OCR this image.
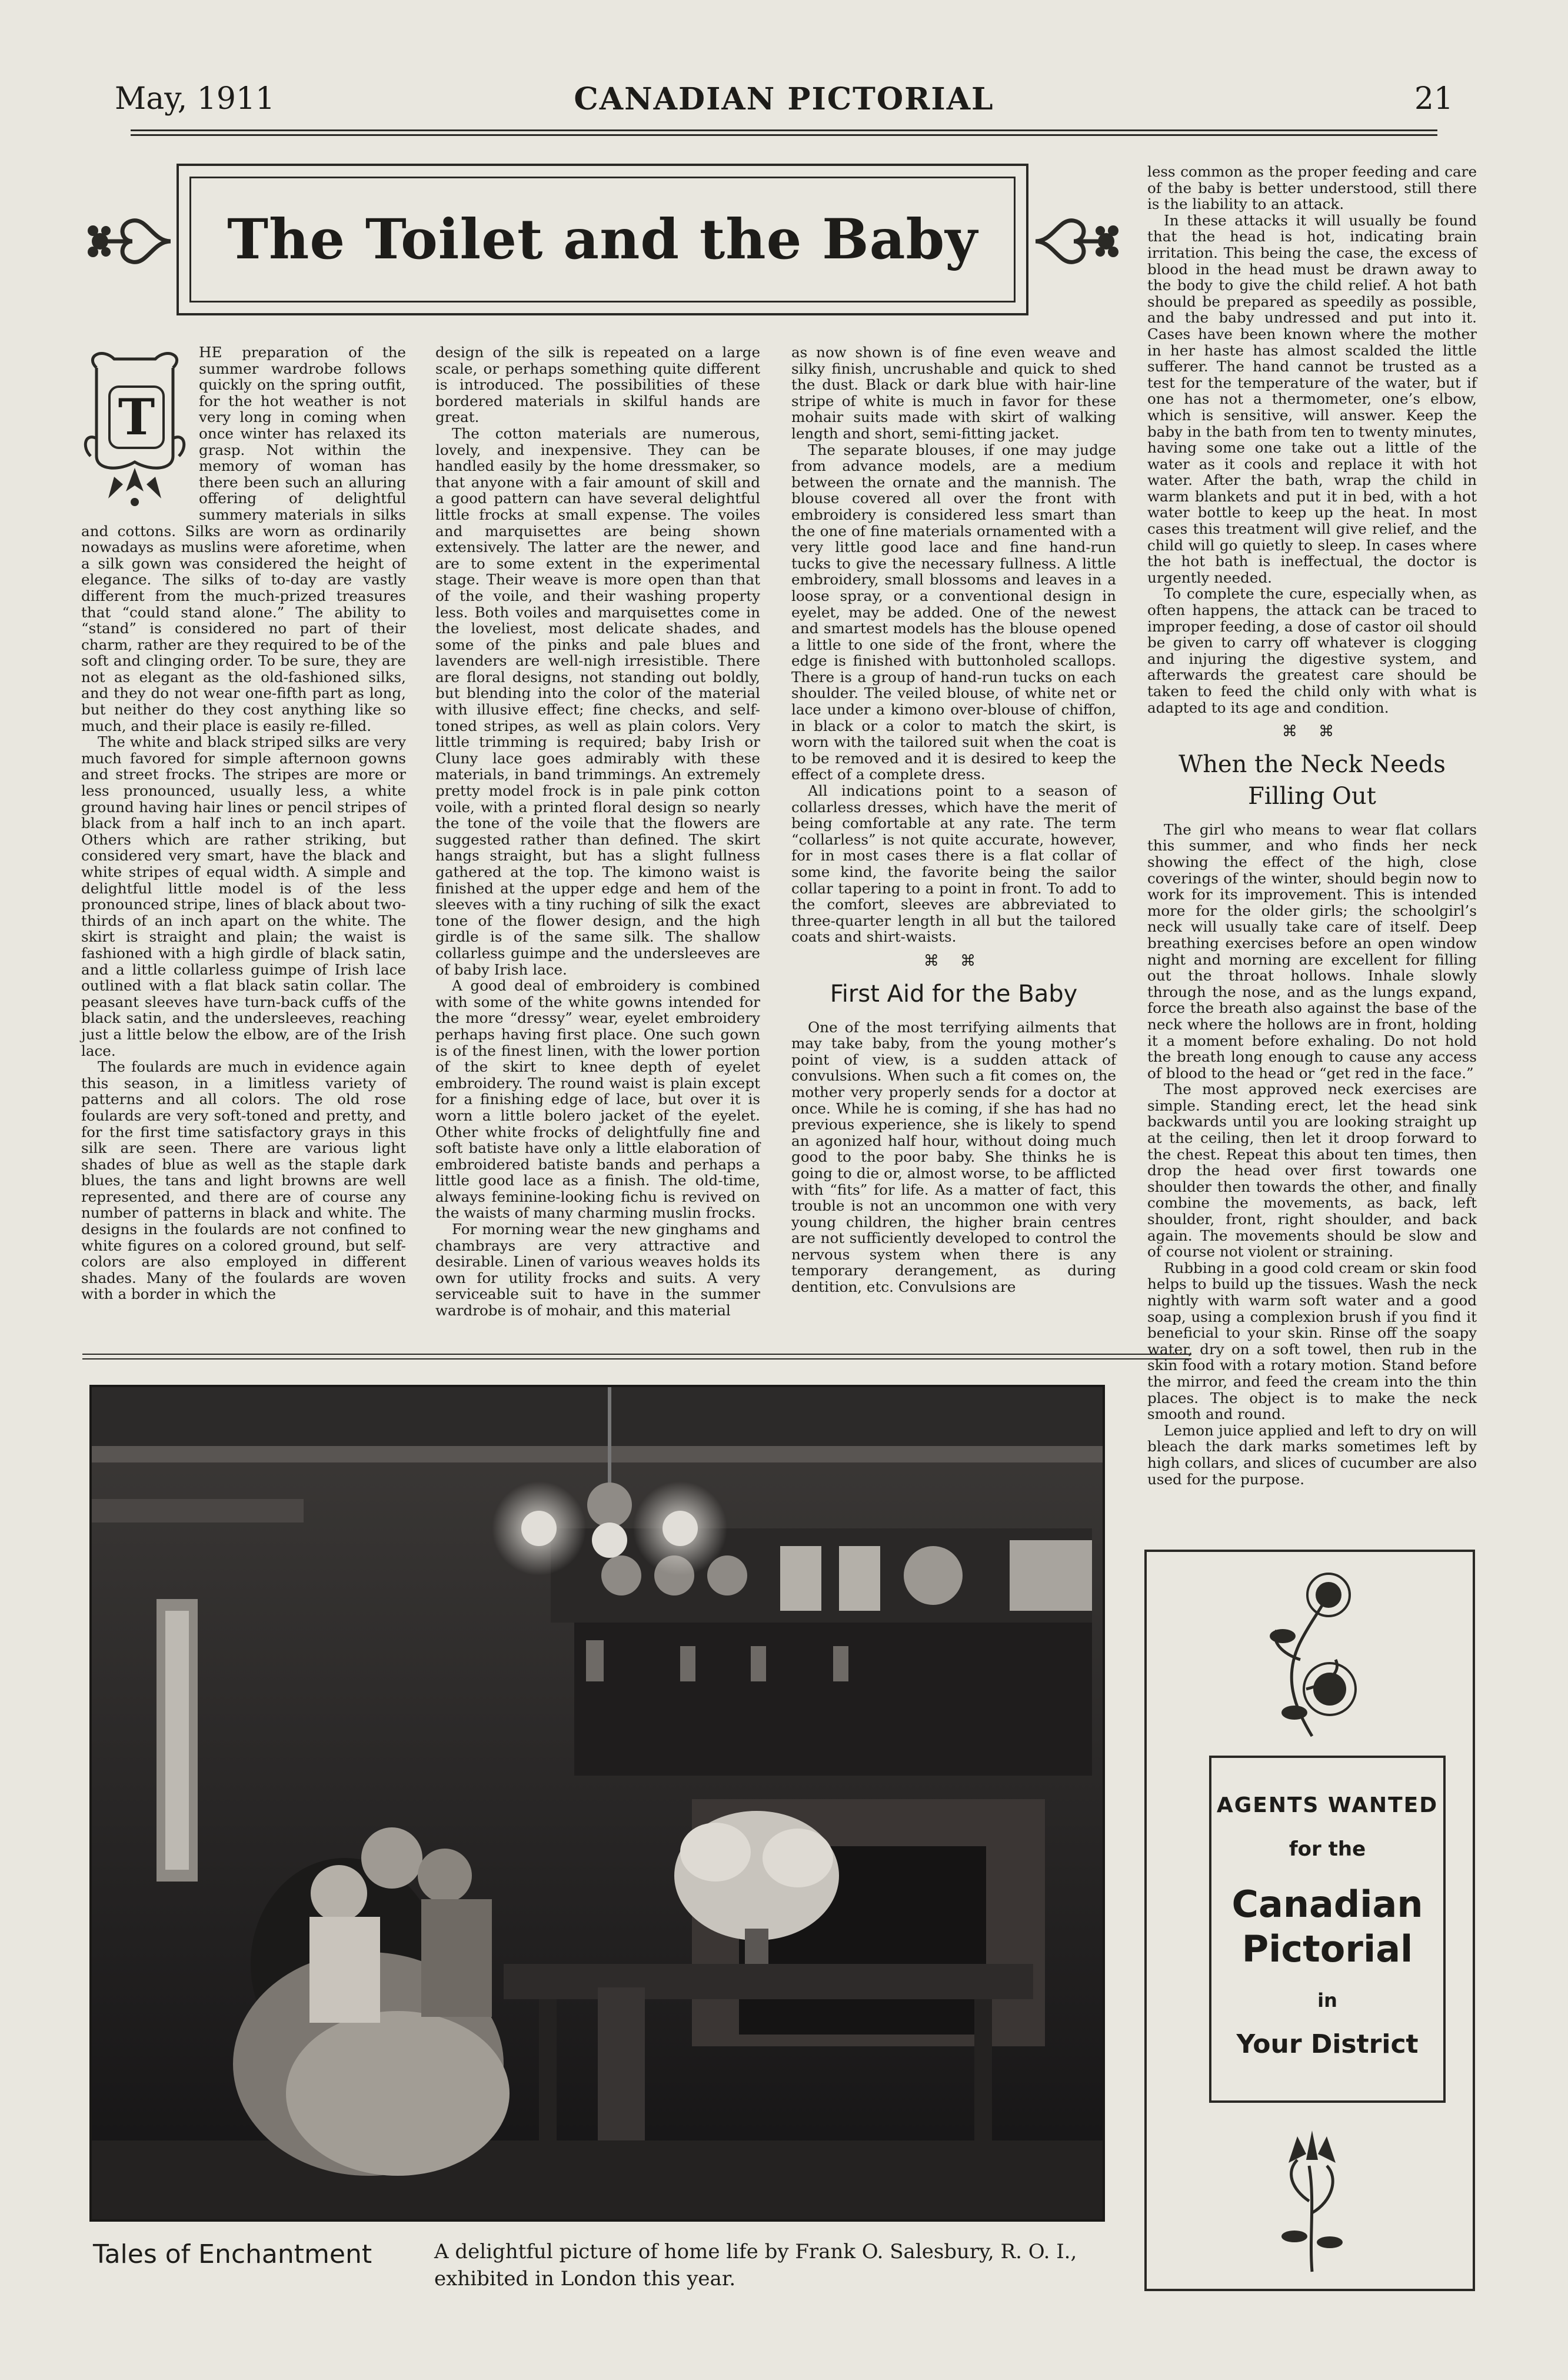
CANADIAN PICTORIAL
May, 1911	21
The Toilet and the Baby
T

HE preparation of the summer wardrobe follows quickly on the spring outfit, for the hot weather is not very long in coming when once winter has relaxed its grasp. Not within the memory of woman has there been such an alluring offering of delightful summery materials in silks and cottons. Silks are worn as ordinarily nowadays as muslins were aforetime, when a silk gown was considered the height of elegance. The silks of to-day are vastly different from the much-prized treasures that “could stand alone.” The ability to “stand” is considered no part of their charm, rather are they required to be of the soft and clinging order. To be sure, they are not as elegant as the old-fashioned silks, and they do not wear one-fifth part as long, but neither do they cost anything like so much, and their place is easily re-filled.

The white and black striped silks are very much favored for simple afternoon gowns and street frocks. The stripes are more or less pronounced, usually less, a white ground having hair lines or pencil stripes of black from a half inch to an inch apart. Others which are rather striking, but considered very smart, have the black and white stripes of equal width. A simple and delightful little model is of the less pronounced stripe, lines of black about two-thirds of an inch apart on the white. The skirt is straight and plain; the waist is fashioned with a high girdle of black satin, and a little collarless guimpe of Irish lace outlined with a flat black satin collar. The peasant sleeves have turn-back cuffs of the black satin, and the undersleeves, reaching just a little below the elbow, are of the Irish lace.

The foulards are much in evidence again this season, in a limitless variety of patterns and all colors. The old rose foulards are very soft-toned and pretty, and for the first time satisfactory grays in this silk are seen. There are various light shades of blue as well as the staple dark blues, the tans and light browns are well represented, and there are of course any number of patterns in black and white. The designs in the foulards are not confined to white figures on a colored ground, but self-colors are also employed in different shades. Many of the foulards are woven with a border in which the

design of the silk is repeated on a large scale, or perhaps something quite different is introduced. The possibilities of these bordered materials in skilful hands are great.

The cotton materials are numerous, lovely, and inexpensive. They can be handled easily by the home dressmaker, so that anyone with a fair amount of skill and a good pattern can have several delightful little frocks at small expense. The voiles and marquisettes are being shown extensively. The latter are the newer, and are to some extent in the experimental stage. Their weave is more open than that of the voile, and their washing property less. Both voiles and marquisettes come in the loveliest, most delicate shades, and some of the pinks and pale blues and lavenders are well-nigh irresistible. There are floral designs, not standing out boldly, but blending into the color of the material with illusive effect; fine checks, and self-toned stripes, as well as plain colors. Very little trimming is required; baby Irish or Cluny lace goes admirably with these materials, in band trimmings. An extremely pretty model frock is in pale pink cotton voile, with a printed floral design so nearly the tone of the voile that the flowers are suggested rather than defined. The skirt hangs straight, but has a slight fullness gathered at the top. The kimono waist is finished at the upper edge and hem of the sleeves with a tiny ruching of silk the exact tone of the flower design, and the high girdle is of the same silk. The shallow collarless guimpe and the undersleeves are of baby Irish lace.

A good deal of embroidery is combined with some of the white gowns intended for the more “dressy” wear, eyelet embroidery perhaps having first place. One such gown is of the finest linen, with the lower portion of the skirt to knee depth of eyelet embroidery. The round waist is plain except for a finishing edge of lace, but over it is worn a little bolero jacket of the eyelet. Other white frocks of delightfully fine and soft batiste have only a little elaboration of embroidered batiste bands and perhaps a little good lace as a finish. The old-time, always feminine-looking fichu is revived on the waists of many charming muslin frocks.

For morning wear the new ginghams and chambrays are very attractive and desirable. Linen of various weaves holds its own for utility frocks and suits. A very serviceable suit to have in the summer wardrobe is of mohair, and this material

as now shown is of fine even weave and silky finish, uncrushable and quick to shed the dust. Black or dark blue with hair-line stripe of white is much in favor for these mohair suits made with skirt of walking length and short, semi-fitting jacket.

The separate blouses, if one may judge from advance models, are a medium between the ornate and the mannish. The blouse covered all over the front with embroidery is considered less smart than the one of fine materials ornamented with a very little good lace and fine hand-run tucks to give the necessary fullness. A little embroidery, small blossoms and leaves in a loose spray, or a conventional design in eyelet, may be added. One of the newest and smartest models has the blouse opened a little to one side of the front, where the edge is finished with buttonholed scallops. There is a group of hand-run tucks on each shoulder. The veiled blouse, of white net or lace under a kimono over-blouse of chiffon, in black or a color to match the skirt, is worn with the tailored suit when the coat is to be removed and it is desired to keep the effect of a complete dress.

All indications point to a season of collarless dresses, which have the merit of being comfortable at any rate. The term “collarless” is not quite accurate, however, for in most cases there is a flat collar of some kind, the favorite being the sailor collar tapering to a point in front. To add to the comfort, sleeves are abbreviated to three-quarter length in all but the tailored coats and shirt-waists.

⌘ ⌘
First Aid for the Baby

One of the most terrifying ailments that may take baby, from the young mother’s point of view, is a sudden attack of convulsions. When such a fit comes on, the mother very properly sends for a doctor at once. While he is coming, if she has had no previous experience, she is likely to spend an agonized half hour, without doing much good to the poor baby. She thinks he is going to die or, almost worse, to be afflicted with “fits” for life. As a matter of fact, this trouble is not an uncommon one with very young children, the higher brain centres are not sufficiently developed to control the nervous system when there is any temporary derangement, as during dentition, etc. Convulsions are

less common as the proper feeding and care of the baby is better understood, still there is the liability to an attack.

In these attacks it will usually be found that the head is hot, indicating brain irritation. This being the case, the excess of blood in the head must be drawn away to the body to give the child relief. A hot bath should be prepared as speedily as possible, and the baby undressed and put into it. Cases have been known where the mother in her haste has almost scalded the little sufferer. The hand cannot be trusted as a test for the temperature of the water, but if one has not a thermometer, one’s elbow, which is sensitive, will answer. Keep the baby in the bath from ten to twenty minutes, having some one take out a little of the water as it cools and replace it with hot water. After the bath, wrap the child in warm blankets and put it in bed, with a hot water bottle to keep up the heat. In most cases this treatment will give relief, and the child will go quietly to sleep. In cases where the hot bath is ineffectual, the doctor is urgently needed.

To complete the cure, especially when, as often happens, the attack can be traced to improper feeding, a dose of castor oil should be given to carry off whatever is clogging and injuring the digestive system, and afterwards the greatest care should be taken to feed the child only with what is adapted to its age and condition.

⌘ ⌘
When the Neck Needs Filling Out

The girl who means to wear flat collars this summer, and who finds her neck showing the effect of the high, close coverings of the winter, should begin now to work for its improvement. This is intended more for the older girls; the schoolgirl’s neck will usually take care of itself. Deep breathing exercises before an open window night and morning are excellent for filling out the throat hollows. Inhale slowly through the nose, and as the lungs expand, force the breath also against the base of the neck where the hollows are in front, holding it a moment before exhaling. Do not hold the breath long enough to cause any access of blood to the head or “get red in the face.”

The most approved neck exercises are simple. Standing erect, let the head sink backwards until you are looking straight up at the ceiling, then let it droop forward to the chest. Repeat this about ten times, then drop the head over first towards one shoulder then towards the other, and finally combine the movements, as back, left shoulder, front, right shoulder, and back again. The movements should be slow and of course not violent or straining.

Rubbing in a good cold cream or skin food helps to build up the tissues. Wash the neck nightly with warm soft water and a good soap, using a complexion brush if you find it beneficial to your skin. Rinse off the soapy water, dry on a soft towel, then rub in the skin food with a rotary motion. Stand before the mirror, and feed the cream into the thin places. The object is to make the neck smooth and round.

Lemon juice applied and left to dry on will bleach the dark marks sometimes left by high collars, and slices of cucumber are also used for the purpose.

Tales of Enchantment	A delightful picture of home life by Frank O. Salesbury, R. O. I., exhibited in London this year.
AGENTS WANTED
for the
Canadian
Pictorial
in
Your District
